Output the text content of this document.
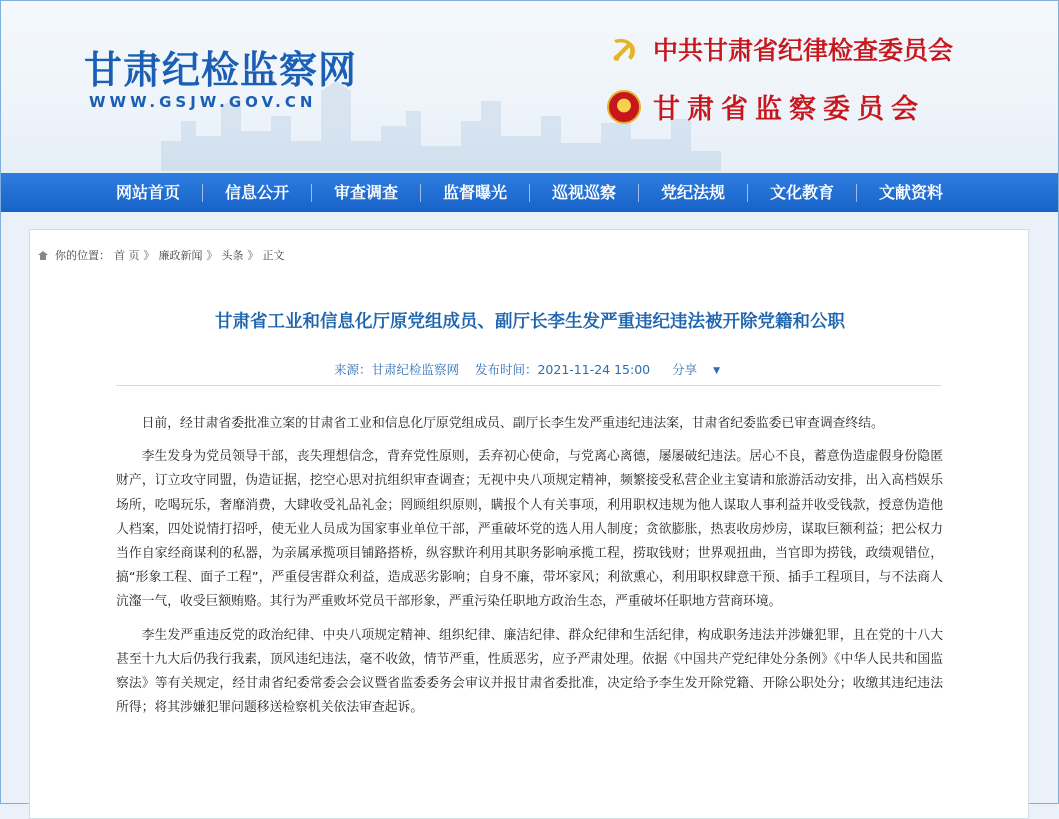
甘肃纪检监察网
WWW.GSJW.GOV.CN
中共甘肃省纪律检查委员会
甘肃省监察委员会
网站首页	信息公开	审查调查	监督曝光	巡视巡察	党纪法规	文化教育	文献资料
你的位置： 首 页 》 廉政新闻 》 头条 》 正文
甘肃省工业和信息化厅原党组成员、副厅长李生发严重违纪违法被开除党籍和公职
来源：甘肃纪检监察网 发布时间：2021-11-24 15:00 分享 ▼

日前，经甘肃省委批准立案的甘肃省工业和信息化厅原党组成员、副厅长李生发严重违纪违法案，甘肃省纪委监委已审查调查终结。

李生发身为党员领导干部，丧失理想信念，背弃党性原则，丢弃初心使命，与党离心离德，屡屡破纪违法。居心不良，蓄意伪造虚假身份隐匿财产，订立攻守同盟，伪造证据，挖空心思对抗组织审查调查；无视中央八项规定精神，频繁接受私营企业主宴请和旅游活动安排，出入高档娱乐场所，吃喝玩乐，奢靡消费，大肆收受礼品礼金；罔顾组织原则，瞒报个人有关事项，利用职权违规为他人谋取人事利益并收受钱款，授意伪造他人档案，四处说情打招呼，使无业人员成为国家事业单位干部，严重破坏党的选人用人制度；贪欲膨胀，热衷收房炒房，谋取巨额利益；把公权力当作自家经商谋利的私器，为亲属承揽项目铺路搭桥，纵容默许利用其职务影响承揽工程，捞取钱财；世界观扭曲，当官即为捞钱，政绩观错位，搞“形象工程、面子工程”，严重侵害群众利益，造成恶劣影响；自身不廉，带坏家风；利欲熏心，利用职权肆意干预、插手工程项目，与不法商人沆瀣一气，收受巨额贿赂。其行为严重败坏党员干部形象，严重污染任职地方政治生态，严重破坏任职地方营商环境。

李生发严重违反党的政治纪律、中央八项规定精神、组织纪律、廉洁纪律、群众纪律和生活纪律，构成职务违法并涉嫌犯罪，且在党的十八大甚至十九大后仍我行我素，顶风违纪违法，毫不收敛，情节严重，性质恶劣，应予严肃处理。依据《中国共产党纪律处分条例》《中华人民共和国监察法》等有关规定，经甘肃省纪委常委会会议暨省监委委务会审议并报甘肃省委批准，决定给予李生发开除党籍、开除公职处分；收缴其违纪违法所得；将其涉嫌犯罪问题移送检察机关依法审查起诉。
